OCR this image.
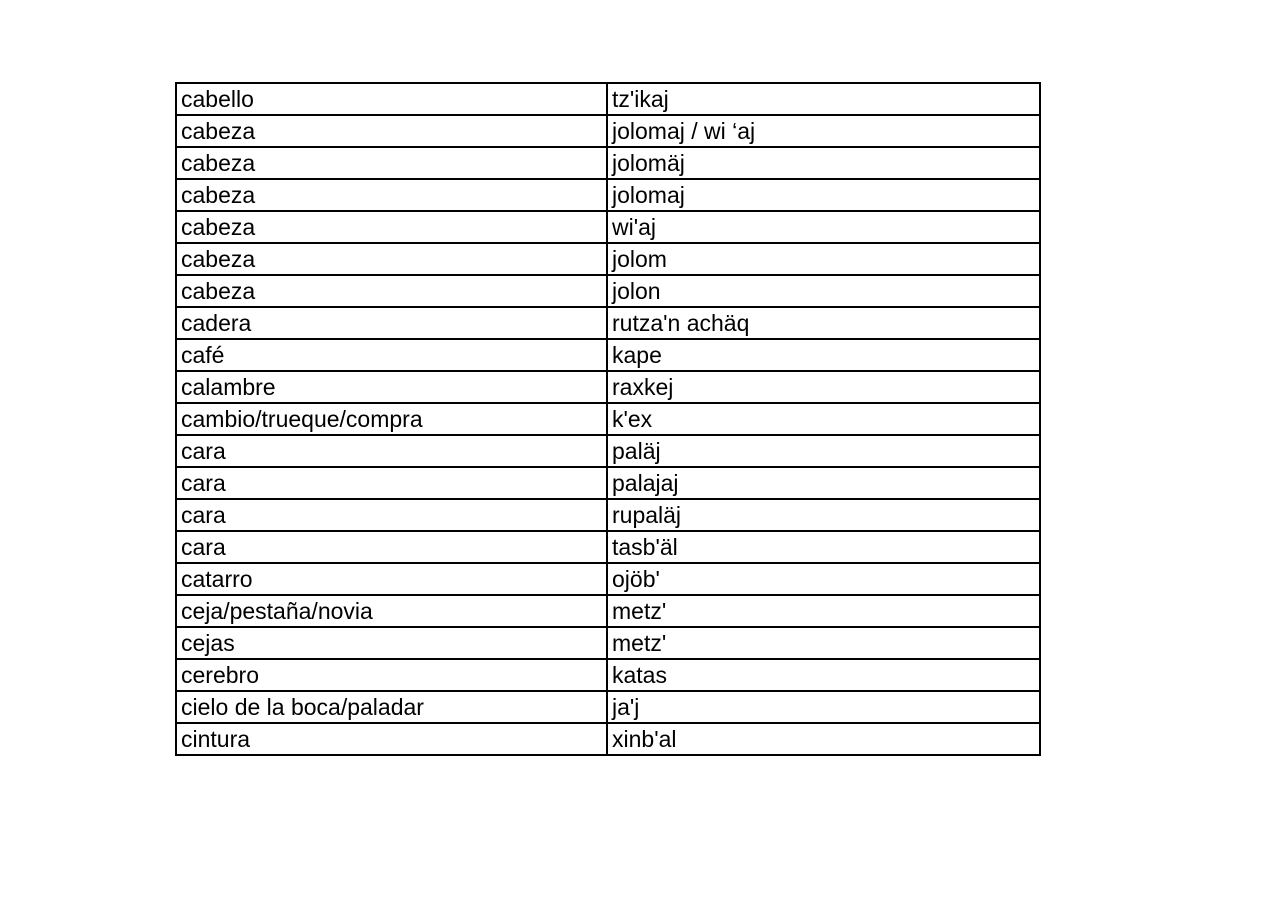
cabello	tz'ikaj
cabeza	jolomaj / wi ‘aj
cabeza	jolomäj
cabeza	jolomaj
cabeza	wi'aj
cabeza	jolom
cabeza	jolon
cadera	rutza'n achäq
café	kape
calambre	raxkej
cambio/trueque/compra	k'ex
cara	paläj
cara	palajaj
cara	rupaläj
cara	tasb'äl
catarro	ojöb'
ceja/pestaña/novia	metz'
cejas	metz'
cerebro	katas
cielo de la boca/paladar	ja'j
cintura	xinb'al
